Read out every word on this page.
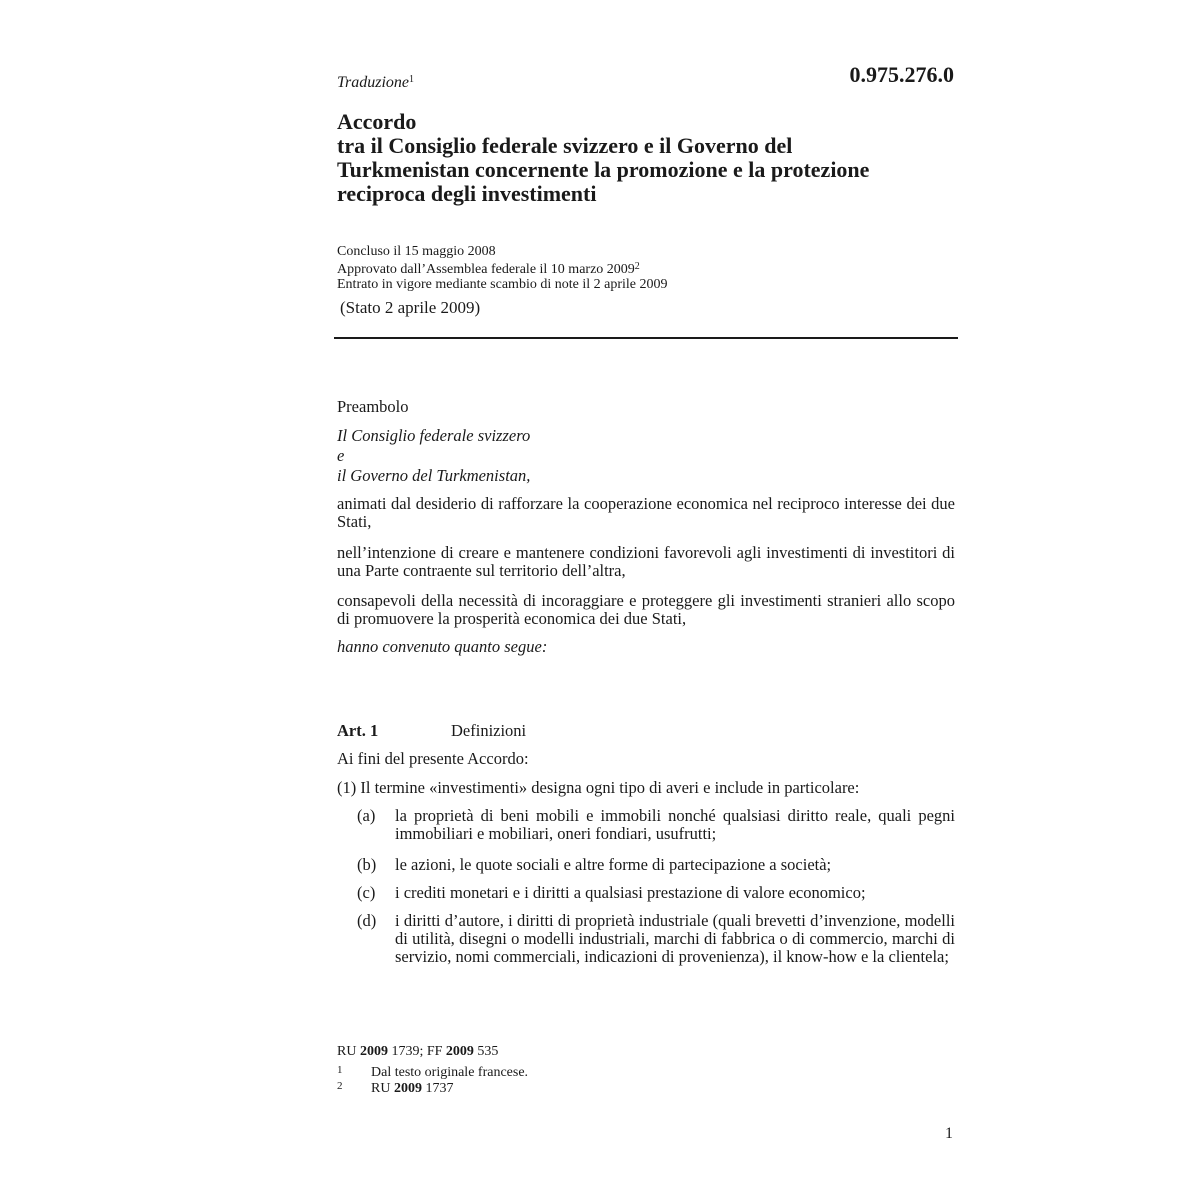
Traduzione$^1$	0.975.276.0
Accordo
tra il Consiglio federale svizzero e il Governo del
Turkmenistan concernente la promozione e la protezione
reciproca degli investimenti
Concluso il 15 maggio 2008
Approvato dall’Assemblea federale il 10 marzo 2009$^2$
Entrato in vigore mediante scambio di note il 2 aprile 2009
(Stato 2 aprile 2009)
Preambolo
Il Consiglio federale svizzero
e
il Governo del Turkmenistan,

animati dal desiderio di rafforzare la cooperazione economica nel reciproco interesse dei due Stati,

nell’intenzione di creare e mantenere condizioni favorevoli agli investimenti di investitori di una Parte contraente sul territorio dell’altra,

consapevoli della necessità di incoraggiare e proteggere gli investimenti stranieri allo scopo di promuovere la prosperità economica dei due Stati,

hanno convenuto quanto segue:
Art. 1	Definizioni
Ai fini del presente Accordo:
(1) Il termine «investimenti» designa ogni tipo di averi e include in particolare:
(a) la proprietà di beni mobili e immobili nonché qualsiasi diritto reale, quali pegni immobiliari e mobiliari, oneri fondiari, usufrutti;
(b) le azioni, le quote sociali e altre forme di partecipazione a società;
(c) i crediti monetari e i diritti a qualsiasi prestazione di valore economico;
(d) i diritti d’autore, i diritti di proprietà industriale (quali brevetti d’invenzione, modelli di utilità, disegni o modelli industriali, marchi di fabbrica o di commercio, marchi di servizio, nomi commerciali, indicazioni di provenienza), il know-how e la clientela;
RU 2009 1739; FF 2009 535
1 Dal testo originale francese.
2 RU 2009 1737
1
